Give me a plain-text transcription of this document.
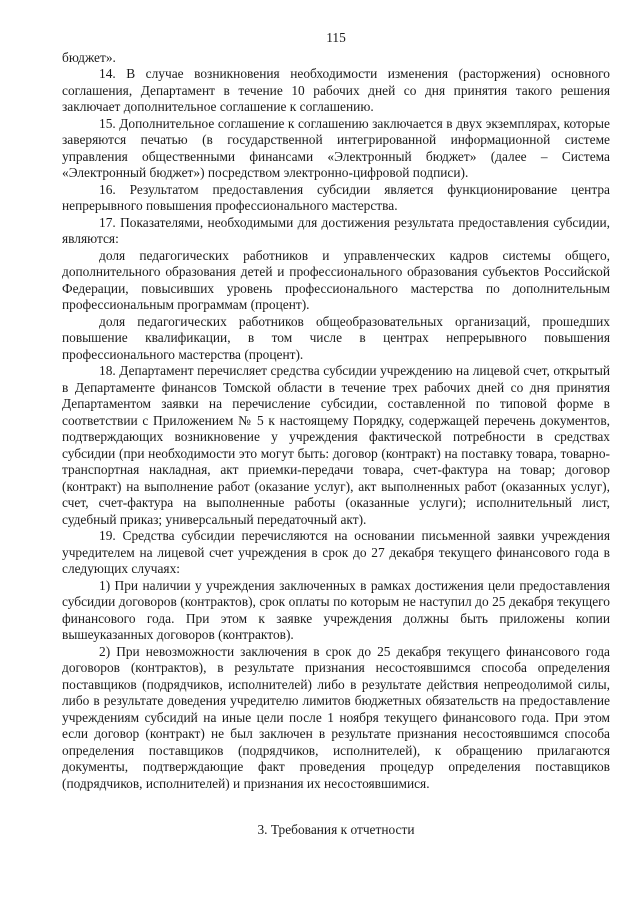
115

бюджет».

14. В случае возникновения необходимости изменения (расторжения) основного соглашения, Департамент в течение 10 рабочих дней со дня принятия такого решения заключает дополнительное соглашение к соглашению.

15. Дополнительное соглашение к соглашению заключается в двух экземплярах, которые заверяются печатью (в государственной интегрированной информационной системе управления общественными финансами «Электронный бюджет» (далее – Система «Электронный бюджет») посредством электронно-цифровой подписи).

16. Результатом предоставления субсидии является функционирование центра непрерывного повышения профессионального мастерства.

17. Показателями, необходимыми для достижения результата предоставления субсидии, являются:

доля педагогических работников и управленческих кадров системы общего, дополнительного образования детей и профессионального образования субъектов Российской Федерации, повысивших уровень профессионального мастерства по дополнительным профессиональным программам (процент).

доля педагогических работников общеобразовательных организаций, прошедших повышение квалификации, в том числе в центрах непрерывного повышения профессионального мастерства (процент).

18. Департамент перечисляет средства субсидии учреждению на лицевой счет, открытый в Департаменте финансов Томской области в течение трех рабочих дней со дня принятия Департаментом заявки на перечисление субсидии, составленной по типовой форме в соответствии с Приложением № 5 к настоящему Порядку, содержащей перечень документов, подтверждающих возникновение у учреждения фактической потребности в средствах субсидии (при необходимости это могут быть: договор (контракт) на поставку товара, товарно-транспортная накладная, акт приемки-передачи товара, счет-фактура на товар; договор (контракт) на выполнение работ (оказание услуг), акт выполненных работ (оказанных услуг), счет, счет-фактура на выполненные работы (оказанные услуги); исполнительный лист, судебный приказ; универсальный передаточный акт).

19. Средства субсидии перечисляются на основании письменной заявки учреждения учредителем на лицевой счет учреждения в срок до 27 декабря текущего финансового года в следующих случаях:

1) При наличии у учреждения заключенных в рамках достижения цели предоставления субсидии договоров (контрактов), срок оплаты по которым не наступил до 25 декабря текущего финансового года. При этом к заявке учреждения должны быть приложены копии вышеуказанных договоров (контрактов).

2) При невозможности заключения в срок до 25 декабря текущего финансового года договоров (контрактов), в результате признания несостоявшимся способа определения поставщиков (подрядчиков, исполнителей) либо в результате действия непреодолимой силы, либо в результате доведения учредителю лимитов бюджетных обязательств на предоставление учреждениям субсидий на иные цели после 1 ноября текущего финансового года. При этом если договор (контракт) не был заключен в результате признания несостоявшимся способа определения поставщиков (подрядчиков, исполнителей), к обращению прилагаются документы, подтверждающие факт проведения процедур определения поставщиков (подрядчиков, исполнителей) и признания их несостоявшимися.

3. Требования к отчетности
